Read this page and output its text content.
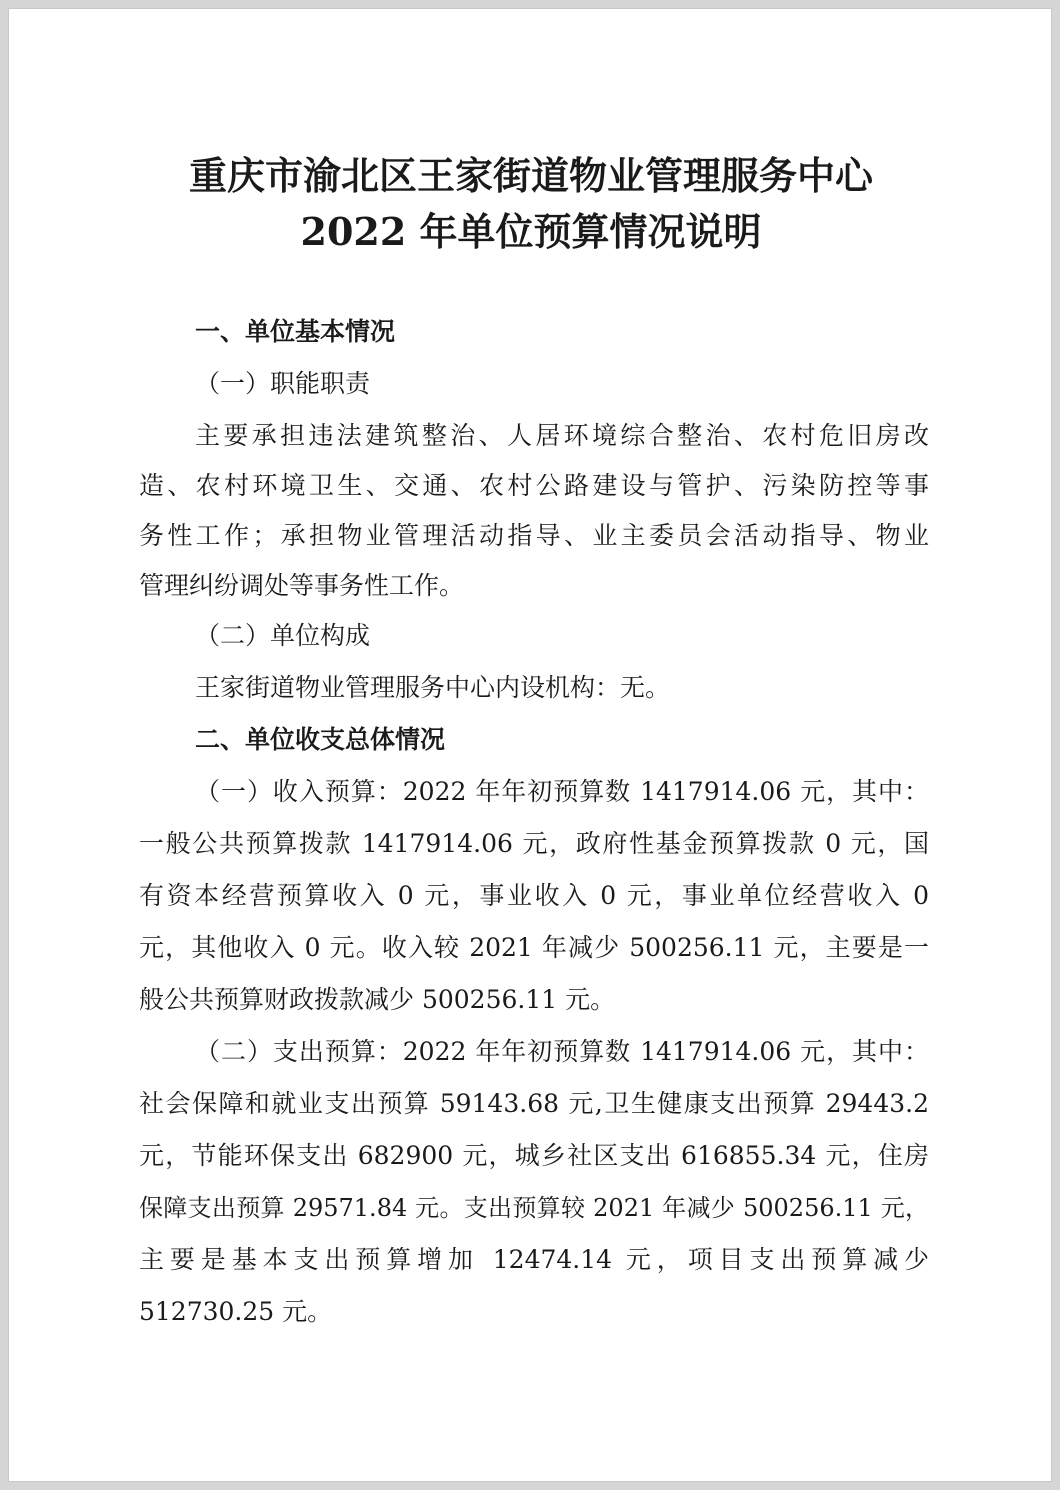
重庆市渝北区王家街道物业管理服务中心
2022 年单位预算情况说明
一、单位基本情况
（一）职能职责
主要承担违法建筑整治、人居环境综合整治、农村危旧房改
造、农村环境卫生、交通、农村公路建设与管护、污染防控等事
务性工作；承担物业管理活动指导、业主委员会活动指导、物业
管理纠纷调处等事务性工作。
（二）单位构成
王家街道物业管理服务中心内设机构：无。
二、单位收支总体情况
（一）收入预算：2022 年年初预算数 1417914.06 元，其中：
一般公共预算拨款 1417914.06 元，政府性基金预算拨款 0 元，国
有资本经营预算收入 0 元，事业收入 0 元，事业单位经营收入 0
元，其他收入 0 元。收入较 2021 年减少 500256.11 元，主要是一
般公共预算财政拨款减少 500256.11 元。
（二）支出预算：2022 年年初预算数 1417914.06 元，其中：
社会保障和就业支出预算 59143.68 元,卫生健康支出预算 29443.2
元，节能环保支出 682900 元，城乡社区支出 616855.34 元，住房
保障支出预算 29571.84 元。支出预算较 2021 年减少 500256.11 元，
主要是基本支出预算增加 12474.14 元，项目支出预算减少
512730.25 元。
